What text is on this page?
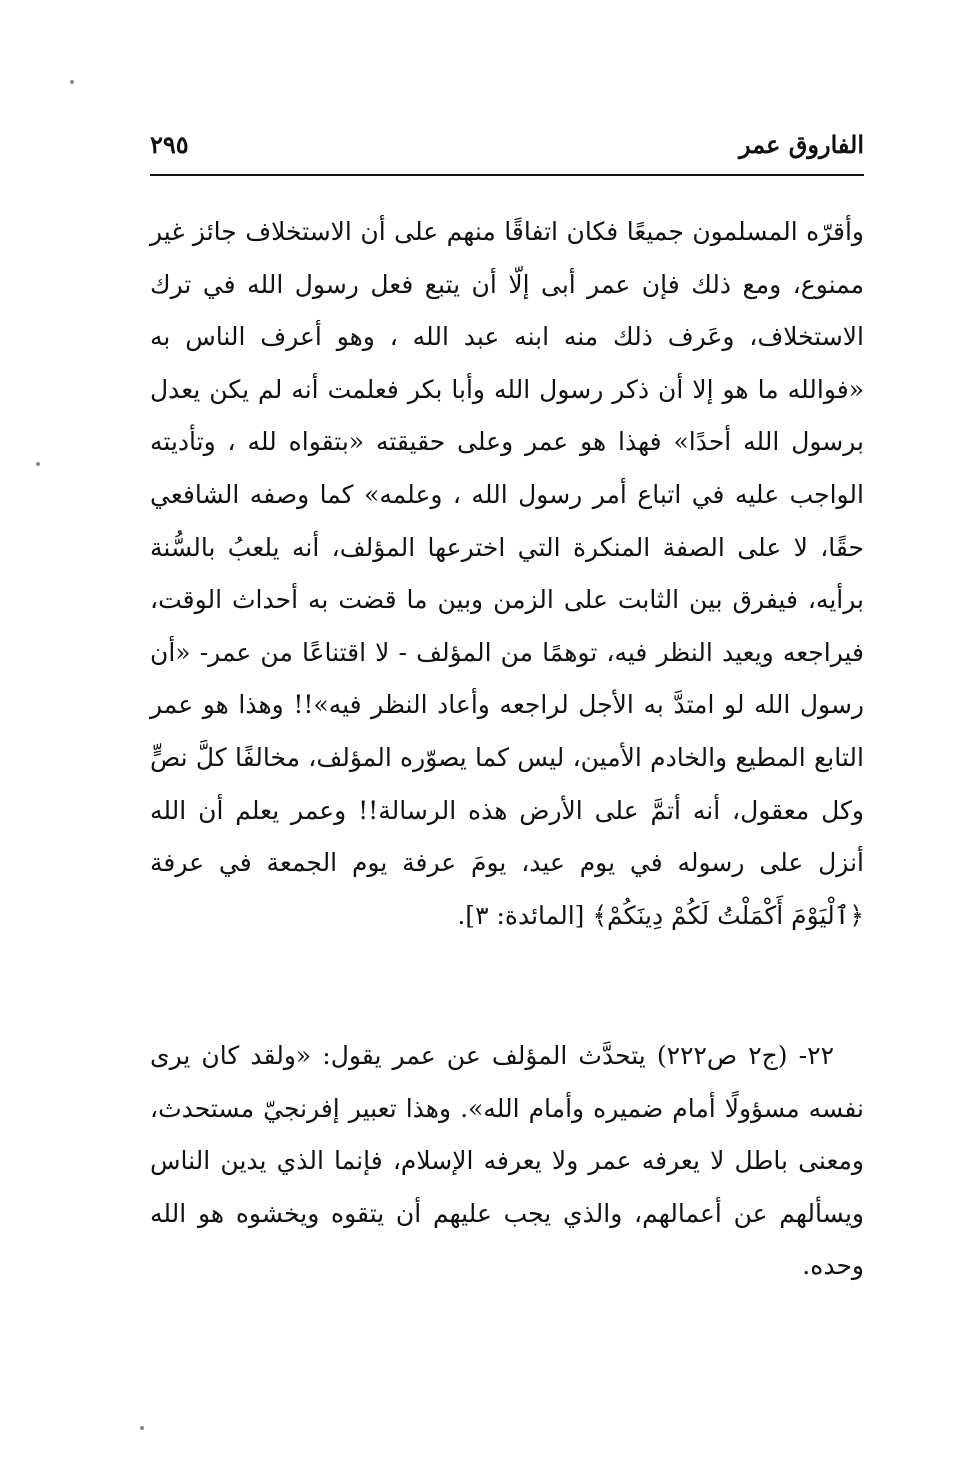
الفاروق عمر
٢٩٥

وأقرّه المسلمون جميعًا فكان اتفاقًا منهم على أن الاستخلاف جائز غير ممنوع، ومع ذلك فإن عمر أبى إلّا أن يتبع فعل رسول الله في ترك الاستخلاف، وعَرف ذلك منه ابنه عبد الله ، وهو أعرف الناس به «فوالله ما هو إلا أن ذكر رسول الله وأبا بكر فعلمت أنه لم يكن يعدل برسول الله أحدًا» فهذا هو عمر وعلى حقيقته «بتقواه لله ، وتأديته الواجب عليه في اتباع أمر رسول الله ، وعلمه» كما وصفه الشافعي حقًا، لا على الصفة المنكرة التي اخترعها المؤلف، أنه يلعبُ بالسُّنة برأيه، فيفرق بين الثابت على الزمن وبين ما قضت به أحداث الوقت، فيراجعه ويعيد النظر فيه، توهمًا من المؤلف - لا اقتناعًا من عمر- «أن رسول الله لو امتدَّ به الأجل لراجعه وأعاد النظر فيه»!! وهذا هو عمر التابع المطيع والخادم الأمين، ليس كما يصوّره المؤلف، مخالفًا كلَّ نصٍّ وكل معقول، أنه أتمَّ على الأرض هذه الرسالة!! وعمر يعلم أن الله أنزل على رسوله في يوم عيد، يومَ عرفة يوم الجمعة في عرفة ﴿ٱلْيَوْمَ أَكْمَلْتُ لَكُمْ دِينَكُمْ﴾ [المائدة: ٣].

٢٢- (ج٢ ص٢٢٢) يتحدَّث المؤلف عن عمر يقول: «ولقد كان يرى نفسه مسؤولًا أمام ضميره وأمام الله». وهذا تعبير إفرنجيّ مستحدث، ومعنى باطل لا يعرفه عمر ولا يعرفه الإسلام، فإنما الذي يدين الناس ويسألهم عن أعمالهم، والذي يجب عليهم أن يتقوه ويخشوه هو الله وحده.
